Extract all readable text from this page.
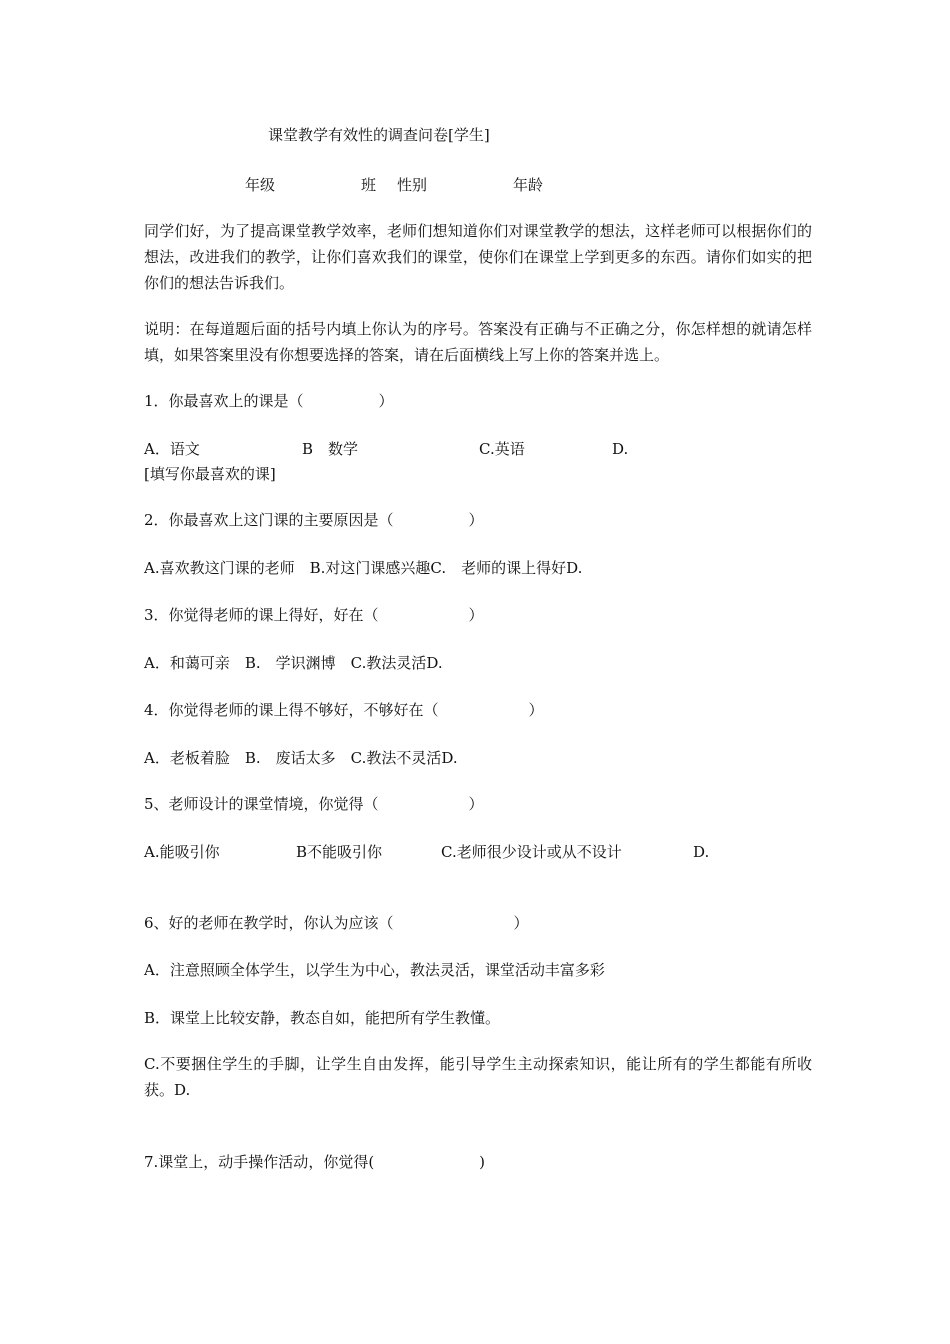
课堂教学有效性的调查问卷[学生]
年级	班 性别	年龄
同学们好，为了提高课堂教学效率，老师们想知道你们对课堂教学的想法，这样老师可以根据你们的想法，改进我们的教学，让你们喜欢我们的课堂，使你们在课堂上学到更多的东西。请你们如实的把你们的想法告诉我们。
说明：在每道题后面的括号内填上你认为的序号。答案没有正确与不正确之分，你怎样想的就请怎样填，如果答案里没有你想要选择的答案，请在后面横线上写上你的答案并选上。
1．你最喜欢上的课是（　　　　　）
A．语文	B　数学	C.英语	D.
[填写你最喜欢的课]
2．你最喜欢上这门课的主要原因是（　　　　　）
A.喜欢教这门课的老师　B.对这门课感兴趣C.　老师的课上得好D.
3．你觉得老师的课上得好，好在（　　　　　　）
A．和蔼可亲　B.　学识渊博　C.教法灵活D.
4．你觉得老师的课上得不够好，不够好在（　　　　　　）
A．老板着脸　B.　废话太多　C.教法不灵活D.
5、老师设计的课堂情境，你觉得（　　　　　　）
A.能吸引你	B不能吸引你	C.老师很少设计或从不设计	D.
6、好的老师在教学时，你认为应该（　　　　　　　　）
A．注意照顾全体学生，以学生为中心，教法灵活，课堂活动丰富多彩
B．课堂上比较安静，教态自如，能把所有学生教懂。
C.不要捆住学生的手脚，让学生自由发挥，能引导学生主动探索知识，能让所有的学生都能有所收获。D.
7.课堂上，动手操作活动，你觉得(　　　　　　　)
